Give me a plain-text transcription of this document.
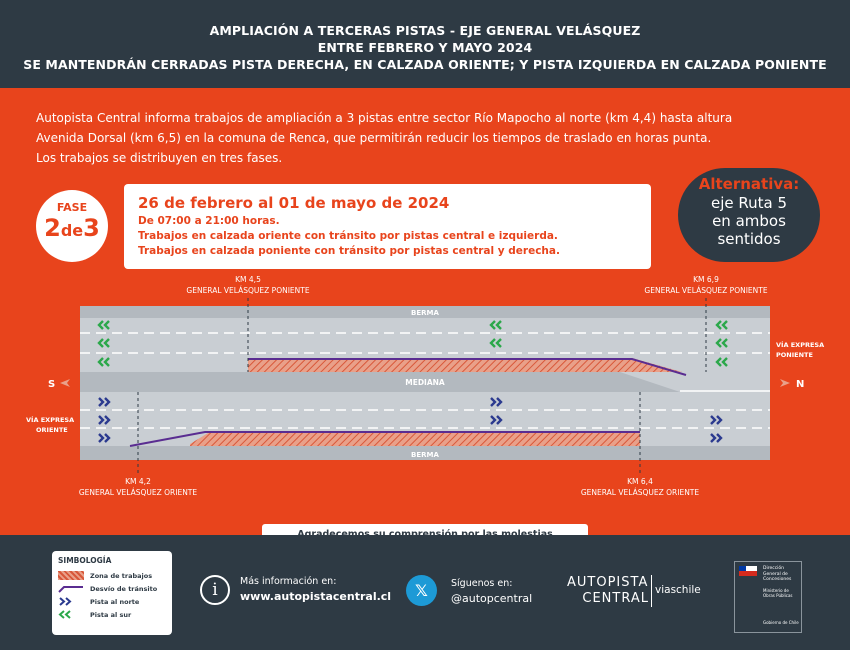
AMPLIACIÓN A TERCERAS PISTAS - EJE GENERAL VELÁSQUEZ
ENTRE FEBRERO Y MAYO 2024
SE MANTENDRÁN CERRADAS PISTA DERECHA, EN CALZADA ORIENTE; Y PISTA IZQUIERDA EN CALZADA PONIENTE
Autopista Central informa trabajos de ampliación a 3 pistas entre sector Río Mapocho al norte (km 4,4) hasta altura
Avenida Dorsal (km 6,5) en la comuna de Renca, que permitirán reducir los tiempos de traslado en horas punta.
Los trabajos se distribuyen en tres fases.
FASE
2de3
26 de febrero al 01 de mayo de 2024
De 07:00 a 21:00 horas.
Trabajos en calzada oriente con tránsito por pistas central e izquierda.
Trabajos en calzada poniente con tránsito por pistas central y derecha.
Alternativa:
eje Ruta 5
en ambos
sentidos
KM 4,5
GENERAL VELÁSQUEZ PONIENTE
KM 6,9
GENERAL VELÁSQUEZ PONIENTE
KM 4,2
GENERAL VELÁSQUEZ ORIENTE
KM 6,4
GENERAL VELÁSQUEZ ORIENTE
BERMA
MEDIANA
BERMA
S	N
VÍA EXPRESA
PONIENTE
VÍA EXPRESA
ORIENTE
SIMBOLOGÍA
Zona de trabajos
Desvío de tránsito
Pista al norte
Pista al sur
i	Más información en:
www.autopistacentral.cl	𝕏	Síguenos en:
@autopcentral
AUTOPISTA
CENTRAL
viaschile
Dirección General de Concesiones
Ministerio de Obras Públicas
Gobierno de Chile
